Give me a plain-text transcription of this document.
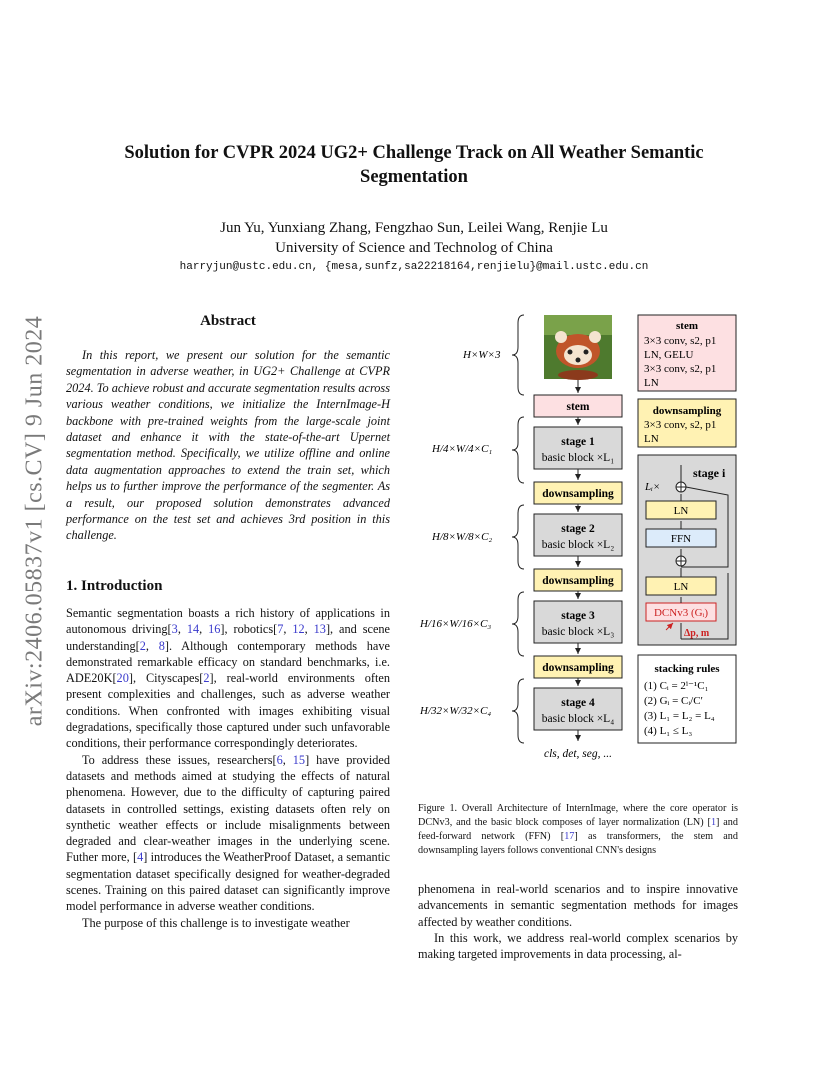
Solution for CVPR 2024 UG2+ Challenge Track on All Weather Semantic
Segmentation
Jun Yu, Yunxiang Zhang, Fengzhao Sun, Leilei Wang, Renjie Lu
University of Science and Technolog of China
harryjun@ustc.edu.cn, {mesa,sunfz,sa22218164,renjielu}@mail.ustc.edu.cn
arXiv:2406.05837v1 [cs.CV] 9 Jun 2024	Abstract

In this report, we present our solution for the semantic segmentation in adverse weather, in UG2+ Challenge at CVPR 2024. To achieve robust and accurate segmentation results across various weather conditions, we initialize the InternImage-H backbone with pre-trained weights from the large-scale joint dataset and enhance it with the state-of-the-art Upernet segmentation method. Specifically, we utilize offline and online data augmentation approaches to extend the train set, which helps us to further improve the performance of the segmenter. As a result, our proposed solution demonstrates advanced performance on the test set and achieves 3rd position in this challenge.

1. Introduction

Semantic segmentation boasts a rich history of applications in autonomous driving[3, 14, 16], robotics[7, 12, 13], and scene understanding[2, 8]. Although contemporary methods have demonstrated remarkable efficacy on standard benchmarks, i.e. ADE20K[20], Cityscapes[2], real-world environments often present complexities and challenges, such as adverse weather conditions. When confronted with images exhibiting visual degradations, specifically those captured under such unfavorable conditions, their performance correspondingly deteriorates.

To address these issues, researchers[6, 15] have provided datasets and methods aimed at studying the effects of natural phenomena. However, due to the difficulty of capturing paired datasets in controlled settings, existing datasets often rely on synthetic weather effects or include misalignments between degraded and clear-weather images in the underlying scene. Futher more, [4] introduces the WeatherProof Dataset, a semantic segmentation dataset specifically designed for weather-degraded scenes. Training on this paired dataset can significantly improve model performance in adverse weather conditions.

The purpose of this challenge is to investigate weather

H×W×3
H/4×W/4×C₁
H/8×W/8×C₂
H/16×W/16×C₃
H/32×W/32×C₄
stem
stage 1
basic block ×L₁
downsampling
stage 2
basic block ×L₂
downsampling
stage 3
basic block ×L₃
downsampling
stage 4
basic block ×L₄
cls, det, seg, ...
stem
3×3 conv, s2, p1
LN, GELU
3×3 conv, s2, p1
LN
downsampling
3×3 conv, s2, p1
LN
stage i
Lᵢ×
LN
FFN
LN
DCNv3 (Gᵢ)
Δp, m
stacking rules
(1) Cᵢ = 2ⁱ⁻¹C₁
(2) Gᵢ = Cᵢ/C′
(3) L₁ = L₂ = L₄
(4) L₁ ≤ L₃
Figure 1. Overall Architecture of InternImage, where the core operator is DCNv3, and the basic block composes of layer normalization (LN) [1] and feed-forward network (FFN) [17] as transformers, the stem and downsampling layers follows conventional CNN's designs

phenomena in real-world scenarios and to inspire innovative advancements in semantic segmentation methods for images affected by weather conditions.

In this work, we address real-world complex scenarios by making targeted improvements in data processing, al-
